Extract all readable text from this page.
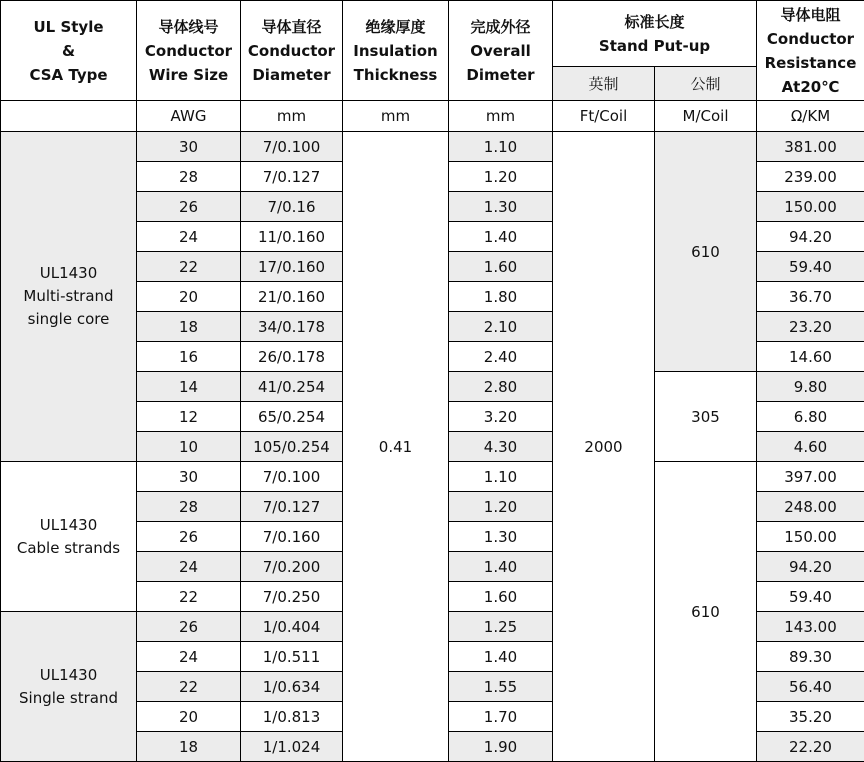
UL Style
&
CSA Type	导体线号
Conductor
Wire Size	导体直径
Conductor
Diameter	绝缘厚度
Insulation
Thickness	完成外径
Overall
Dimeter	标准长度
Stand Put-up		导体电阻
Conductor
Resistance
At20℃

					英制	公制	
	AWG	mm	mm	mm	Ft/Coil	M/Coil	Ω/KM

UL1430
Multi-strand
single core	30	7/0.100	0.41	1.10	2000	610	381.00
	28	7/0.127		1.20			239.00
	26	7/0.16		1.30			150.00
	24	11/0.160		1.40			94.20
	22	17/0.160		1.60			59.40
	20	21/0.160		1.80			36.70
	18	34/0.178		2.10			23.20
	16	26/0.178		2.40			14.60
	14	41/0.254		2.80		305	9.80
	12	65/0.254		3.20			6.80
	10	105/0.254		4.30			4.60

UL1430
Cable strands	30	7/0.100		1.10		610	397.00
	28	7/0.127		1.20			248.00
	26	7/0.160		1.30			150.00
	24	7/0.200		1.40			94.20
	22	7/0.250		1.60			59.40

UL1430
Single strand	26	1/0.404		1.25			143.00
	24	1/0.511		1.40			89.30
	22	1/0.634		1.55			56.40
	20	1/0.813		1.70			35.20
	18	1/1.024		1.90			22.20
